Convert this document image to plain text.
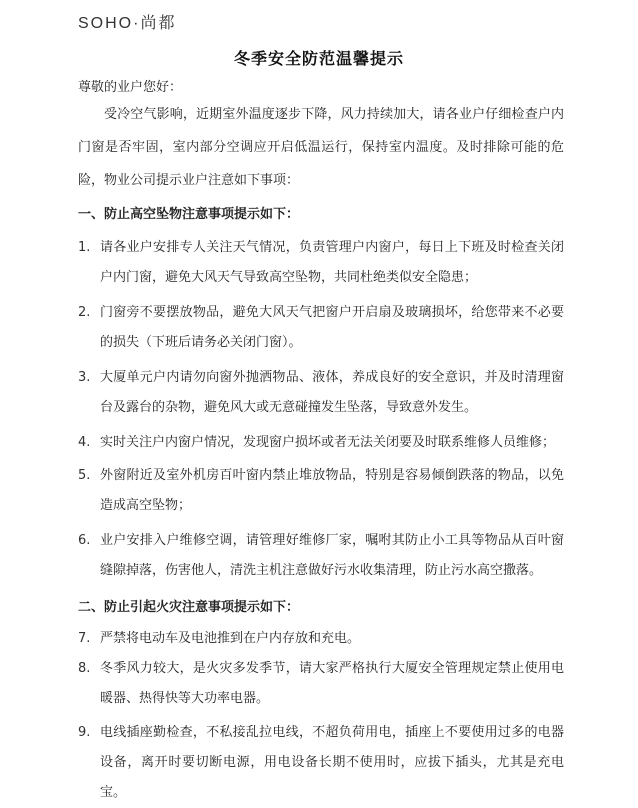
SOHO·尚都
冬季安全防范温馨提示
尊敬的业户您好：

受冷空气影响，近期室外温度逐步下降，风力持续加大，请各业户仔细检查户内门窗是否牢固，室内部分空调应开启低温运行，保持室内温度。及时排除可能的危险，物业公司提示业户注意如下事项：

一、防止高空坠物注意事项提示如下：
1. 请各业户安排专人关注天气情况，负责管理户内窗户，每日上下班及时检查关闭户内门窗，避免大风天气导致高空坠物，共同杜绝类似安全隐患；
2. 门窗旁不要摆放物品，避免大风天气把窗户开启扇及玻璃损坏，给您带来不必要的损失（下班后请务必关闭门窗）。
3. 大厦单元户内请勿向窗外抛洒物品、液体，养成良好的安全意识，并及时清理窗台及露台的杂物，避免风大或无意碰撞发生坠落，导致意外发生。
4. 实时关注户内窗户情况，发现窗户损坏或者无法关闭要及时联系维修人员维修；
5. 外窗附近及室外机房百叶窗内禁止堆放物品，特别是容易倾倒跌落的物品，以免造成高空坠物；
6. 业户安排入户维修空调，请管理好维修厂家，嘱咐其防止小工具等物品从百叶窗缝隙掉落，伤害他人，清洗主机注意做好污水收集清理，防止污水高空撒落。
二、防止引起火灾注意事项提示如下：
7. 严禁将电动车及电池推到在户内存放和充电。
8. 冬季风力较大，是火灾多发季节，请大家严格执行大厦安全管理规定禁止使用电暖器、热得快等大功率电器。
9. 电线插座勤检查，不私接乱拉电线，不超负荷用电，插座上不要使用过多的电器设备，离开时要切断电源，用电设备长期不使用时，应拔下插头，尤其是充电宝。
